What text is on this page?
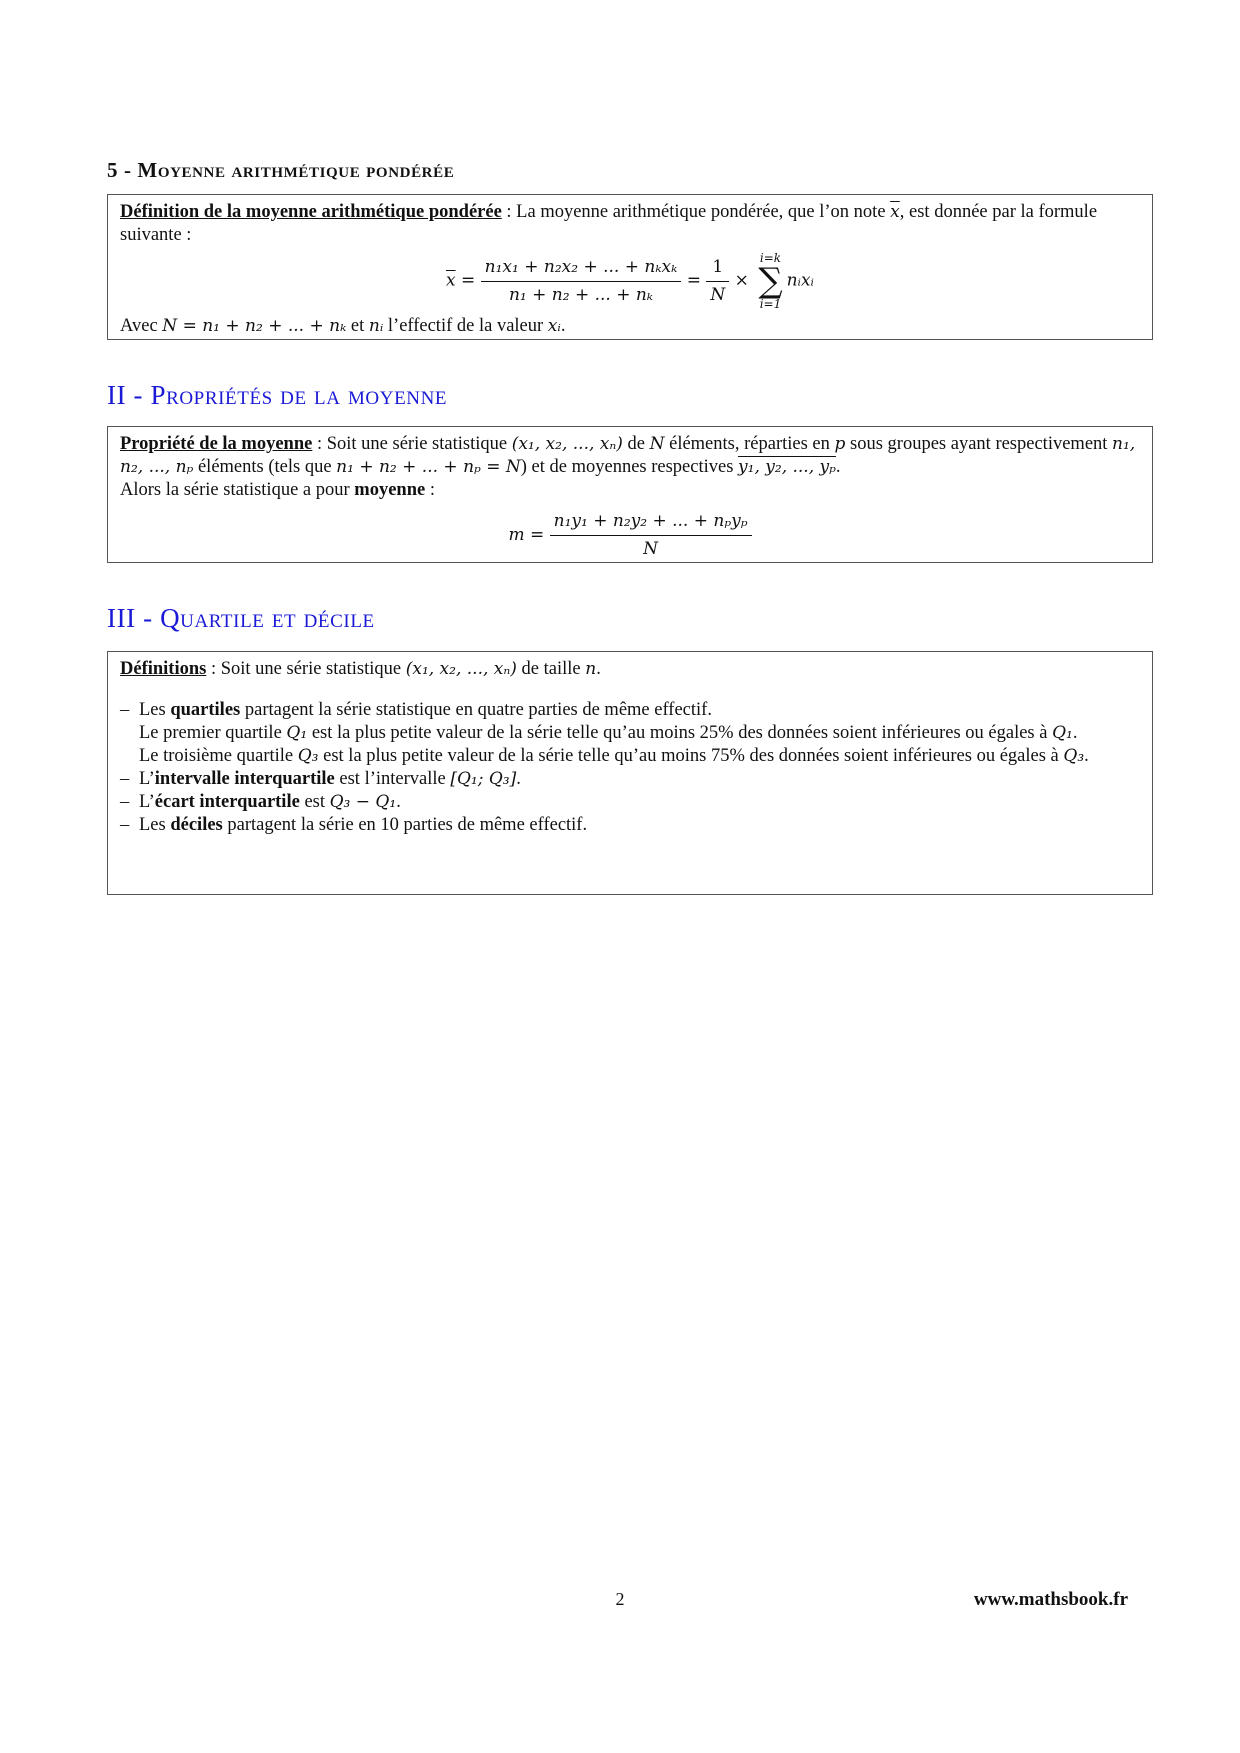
5 - Moyenne arithmétique pondérée
Définition de la moyenne arithmétique pondérée : La moyenne arithmétique pondérée, que l’on note $\overline{x}$, est donnée par la formule suivante :
$\overline{x} = \frac{\text{n₁x₁ + n₂x₂ + ... + nₖxₖ}}{\text{n₁ + n₂ + ... + nₖ}} = \frac{1}{N}$ ×
i=k
∑
i=1
nᵢxᵢ
Avec N = n₁ + n₂ + ... + nₖ et nᵢ l’effectif de la valeur xᵢ.
II - Propriétés de la moyenne
Propriété de la moyenne : Soit une série statistique (x₁, x₂, ..., xₙ) de N éléments, réparties en p sous groupes ayant respectivement n₁, n₂, ..., nₚ éléments (tels que n₁ + n₂ + ... + nₚ = N) et de moyennes respectives y₁, y₂, ..., yₚ.
Alors la série statistique a pour moyenne :
$m = \frac{\text{n₁y₁ + n₂y₂ + ... + nₚyₚ}}{N}$
III - Quartile et décile
Définitions : Soit une série statistique (x₁, x₂, ..., xₙ) de taille n.
– Les quartiles partagent la série statistique en quatre parties de même effectif.
Le premier quartile Q₁ est la plus petite valeur de la série telle qu’au moins 25% des données soient inférieures ou égales à Q₁.
Le troisième quartile Q₃ est la plus petite valeur de la série telle qu’au moins 75% des données soient inférieures ou égales à Q₃.
– L’intervalle interquartile est l’intervalle [Q₁; Q₃].
– L’écart interquartile est Q₃ − Q₁.
– Les déciles partagent la série en 10 parties de même effectif.
2	www.mathsbook.fr
